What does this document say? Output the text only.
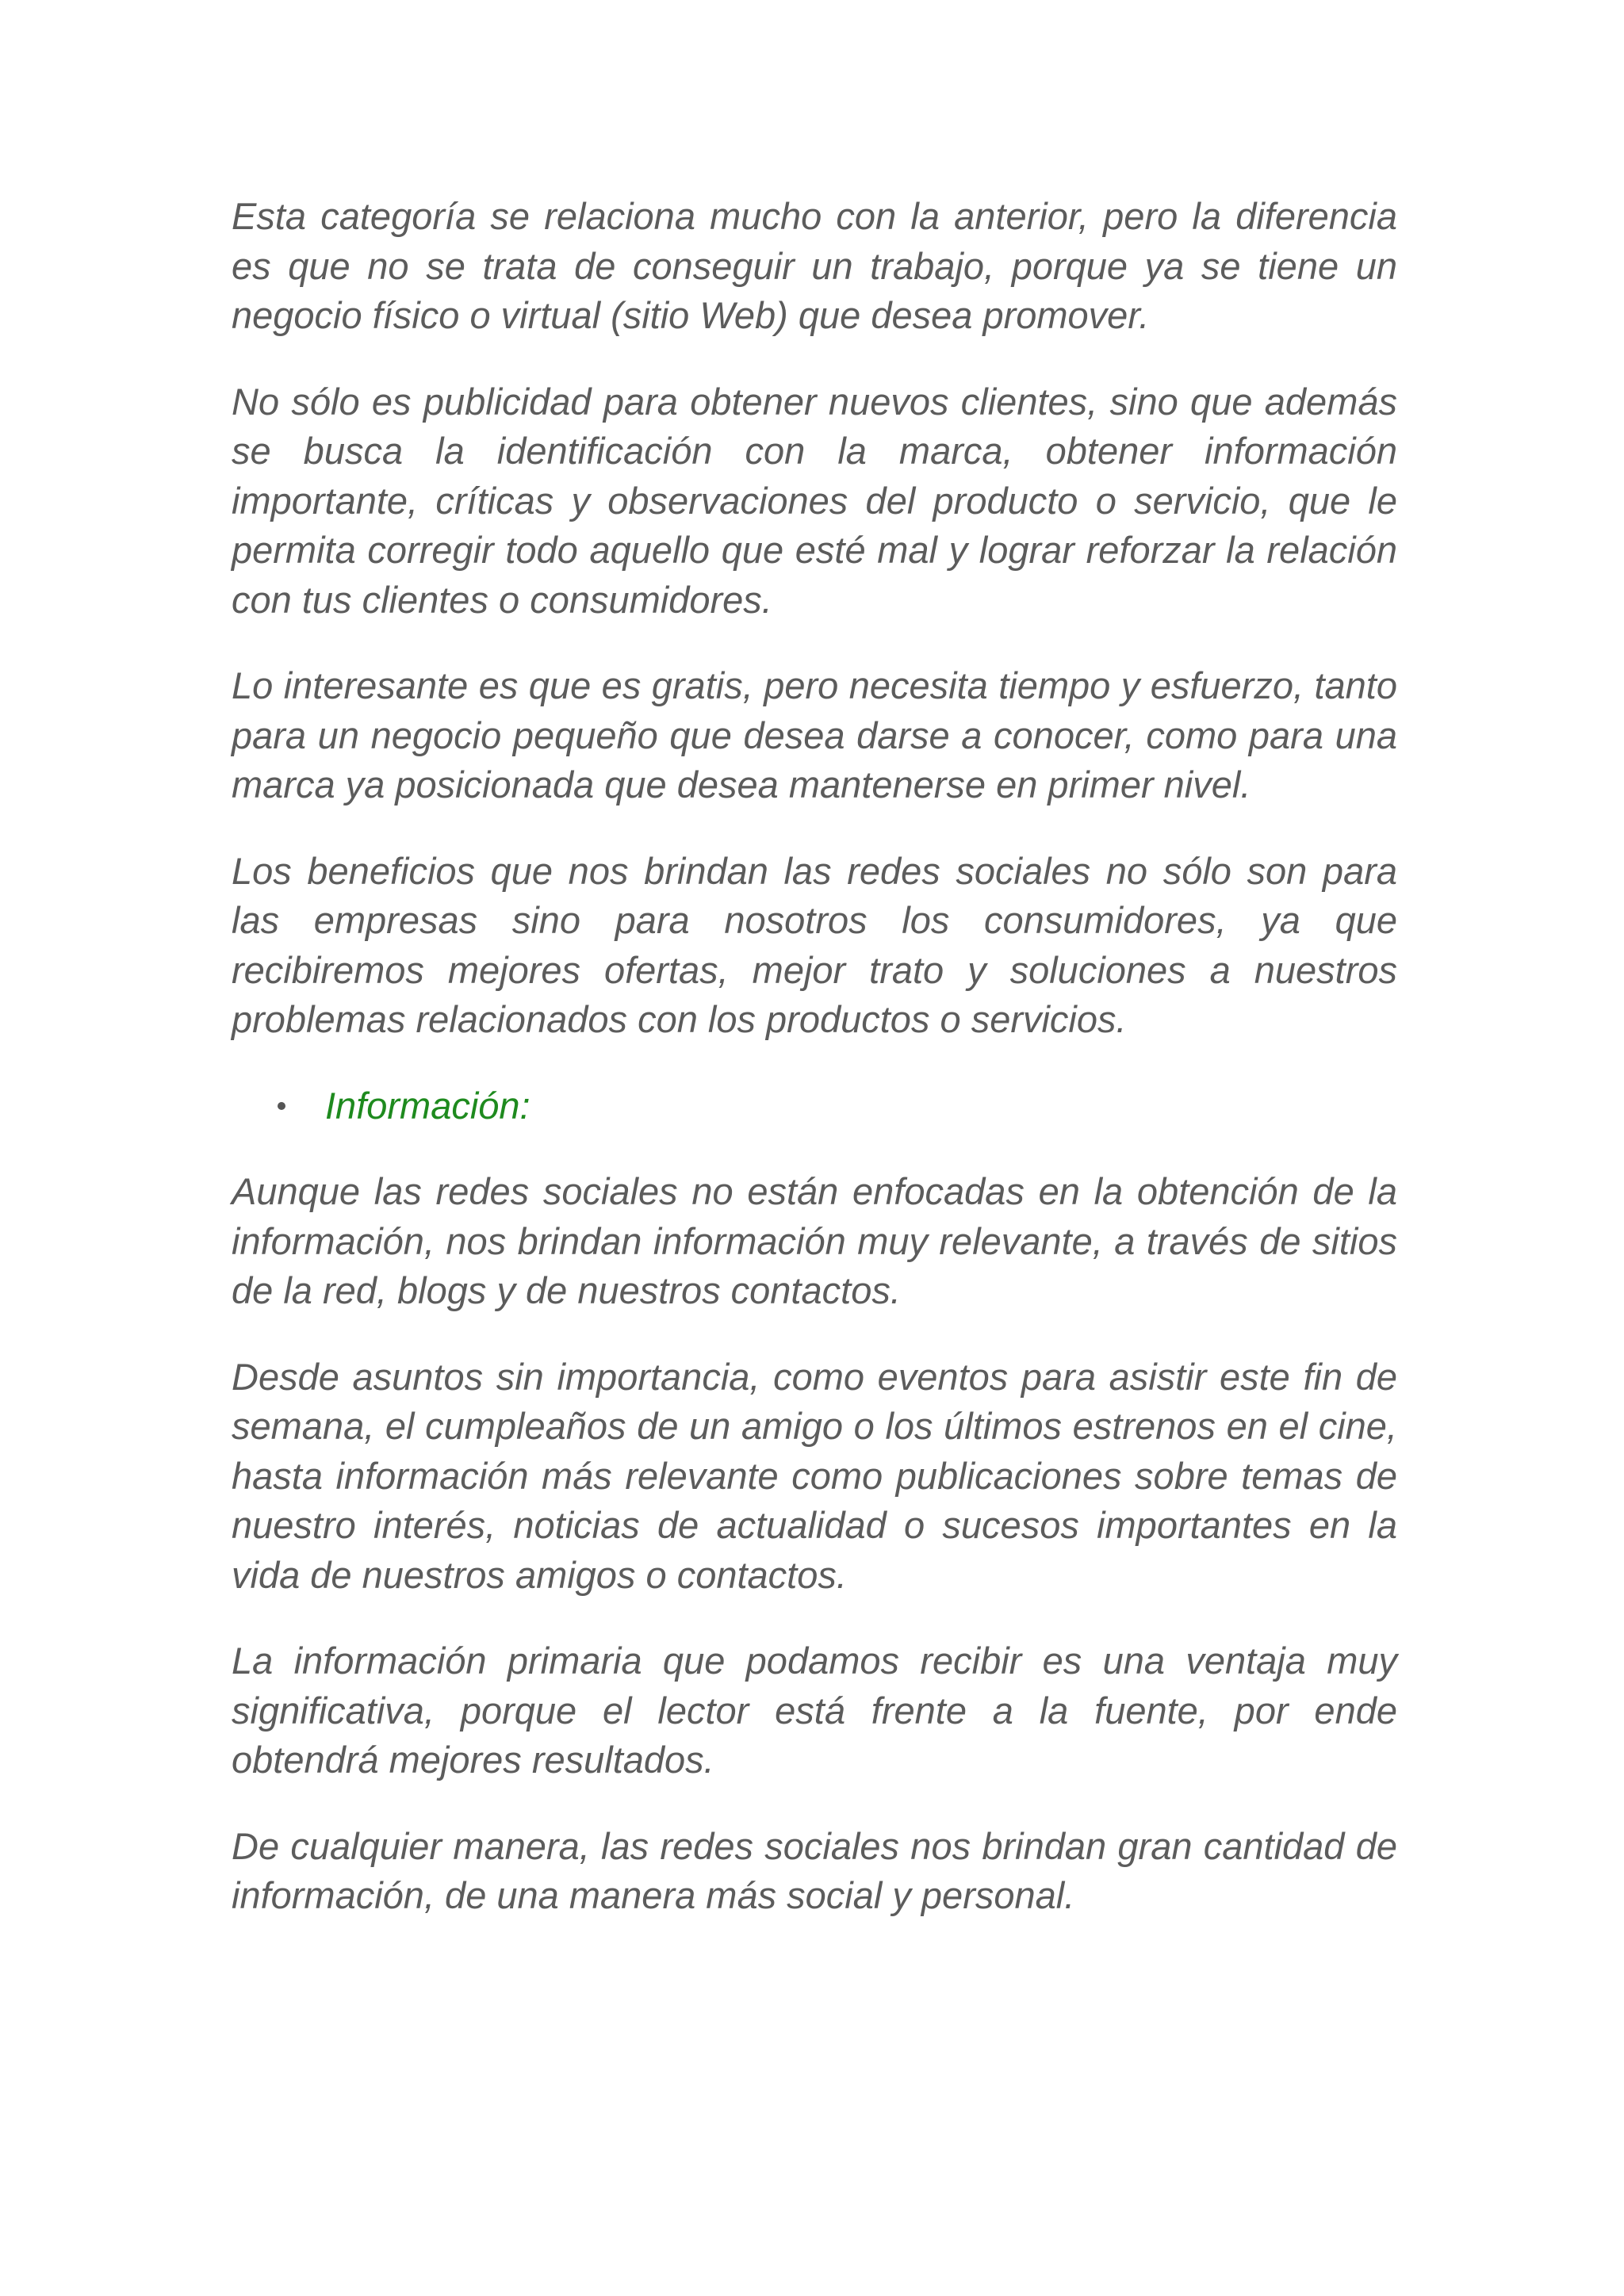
Esta categoría se relaciona mucho con la anterior, pero la diferencia es que no se trata de conseguir un trabajo, porque ya se tiene un negocio físico o virtual (sitio Web) que desea promover.

No sólo es publicidad para obtener nuevos clientes, sino que además se busca la identificación con la marca, obtener información importante, críticas y observaciones del producto o servicio, que le permita corregir todo aquello que esté mal y lograr reforzar la relación con tus clientes o consumidores.

Lo interesante es que es gratis, pero necesita tiempo y esfuerzo, tanto para un negocio pequeño que desea darse a conocer, como para una marca ya posicionada que desea mantenerse en primer nivel.

Los beneficios que nos brindan las redes sociales no sólo son para las empresas sino para nosotros los consumidores, ya que recibiremos mejores ofertas, mejor trato y soluciones a nuestros problemas relacionados con los productos o servicios.

Información:

Aunque las redes sociales no están enfocadas en la obtención de la información, nos brindan información muy relevante, a través de sitios de la red, blogs y de nuestros contactos.

Desde asuntos sin importancia, como eventos para asistir este fin de semana, el cumpleaños de un amigo o los últimos estrenos en el cine, hasta información más relevante como publicaciones sobre temas de nuestro interés, noticias de actualidad o sucesos importantes en la vida de nuestros amigos o contactos.

La información primaria que podamos recibir es una ventaja muy significativa, porque el lector está frente a la fuente, por ende obtendrá mejores resultados.

De cualquier manera, las redes sociales nos brindan gran cantidad de información, de una manera más social y personal.
